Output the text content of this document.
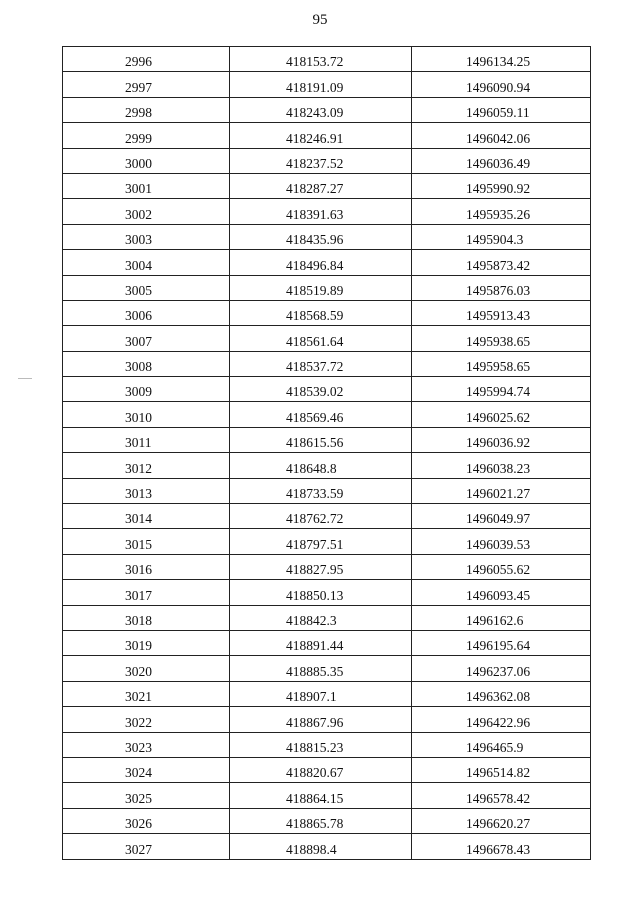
95
2996	418153.72	1496134.25
2997	418191.09	1496090.94
2998	418243.09	1496059.11
2999	418246.91	1496042.06
3000	418237.52	1496036.49
3001	418287.27	1495990.92
3002	418391.63	1495935.26
3003	418435.96	1495904.3
3004	418496.84	1495873.42
3005	418519.89	1495876.03
3006	418568.59	1495913.43
3007	418561.64	1495938.65
3008	418537.72	1495958.65
3009	418539.02	1495994.74
3010	418569.46	1496025.62
3011	418615.56	1496036.92
3012	418648.8	1496038.23
3013	418733.59	1496021.27
3014	418762.72	1496049.97
3015	418797.51	1496039.53
3016	418827.95	1496055.62
3017	418850.13	1496093.45
3018	418842.3	1496162.6
3019	418891.44	1496195.64
3020	418885.35	1496237.06
3021	418907.1	1496362.08
3022	418867.96	1496422.96
3023	418815.23	1496465.9
3024	418820.67	1496514.82
3025	418864.15	1496578.42
3026	418865.78	1496620.27
3027	418898.4	1496678.43
